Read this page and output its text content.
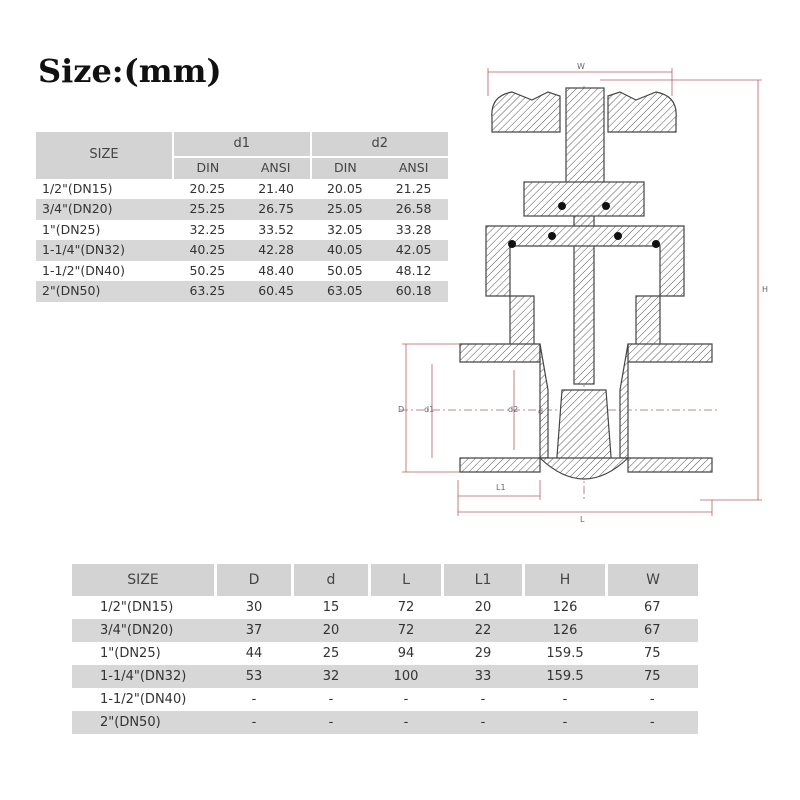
Size:(mm)
SIZE	d1		d2	
	DIN	ANSI	DIN	ANSI
1/2"(DN15)	20.25	21.40	20.05	21.25
3/4"(DN20)	25.25	26.75	25.05	26.58
1"(DN25)	32.25	33.52	32.05	33.28
1-1/4"(DN32)	40.25	42.28	40.05	42.05
1-1/2"(DN40)	50.25	48.40	50.05	48.12
2"(DN50)	63.25	60.45	63.05	60.18
W
H
D d1	d2 d
L1
L
SIZE	D	d	L	L1	H	W
1/2"(DN15)	30	15	72	20	126	67
3/4"(DN20)	37	20	72	22	126	67
1"(DN25)	44	25	94	29	159.5	75
1-1/4"(DN32)	53	32	100	33	159.5	75
1-1/2"(DN40)	-	-	-	-	-	-
2"(DN50)	-	-	-	-	-	-
